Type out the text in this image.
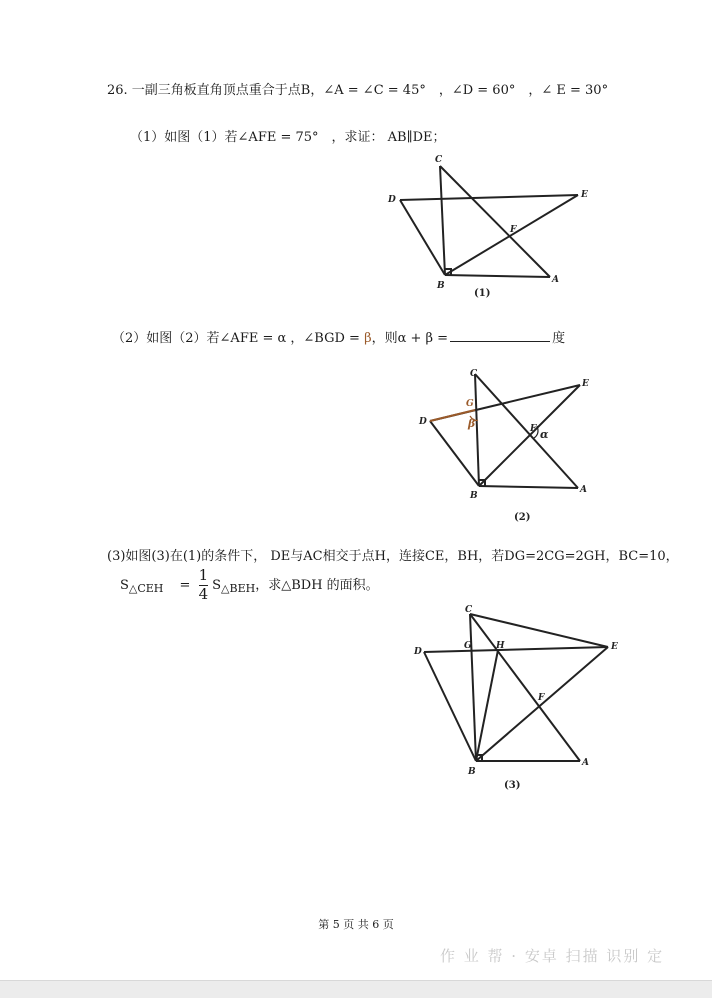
26. 一副三角板直角顶点重合于点B，∠A = ∠C = 45°　，∠D = 60°　，∠ E = 30°
（1）如图（1）若∠AFE = 75°　，求证： AB∥DE；
（2）如图（2）若∠AFE = α ，∠BGD = β，则α + β =	度
(3)如图(3)在(1)的条件下， DE与AC相交于点H，连接CE，BH，若DG=2CG=2GH，BC=10，
$S_{\triangle CEH} = \frac{1}{4} S_{\triangle BEH}$，求△BDH 的面积。
C
D	E
F
B
A
(1)
C
D
E
G
F
β
α
B
A
(2)
C
D	E
G	H
F
B
A
(3)
第 5 页 共 6 页
作 业 帮 · 安卓 扫描 识别 定
